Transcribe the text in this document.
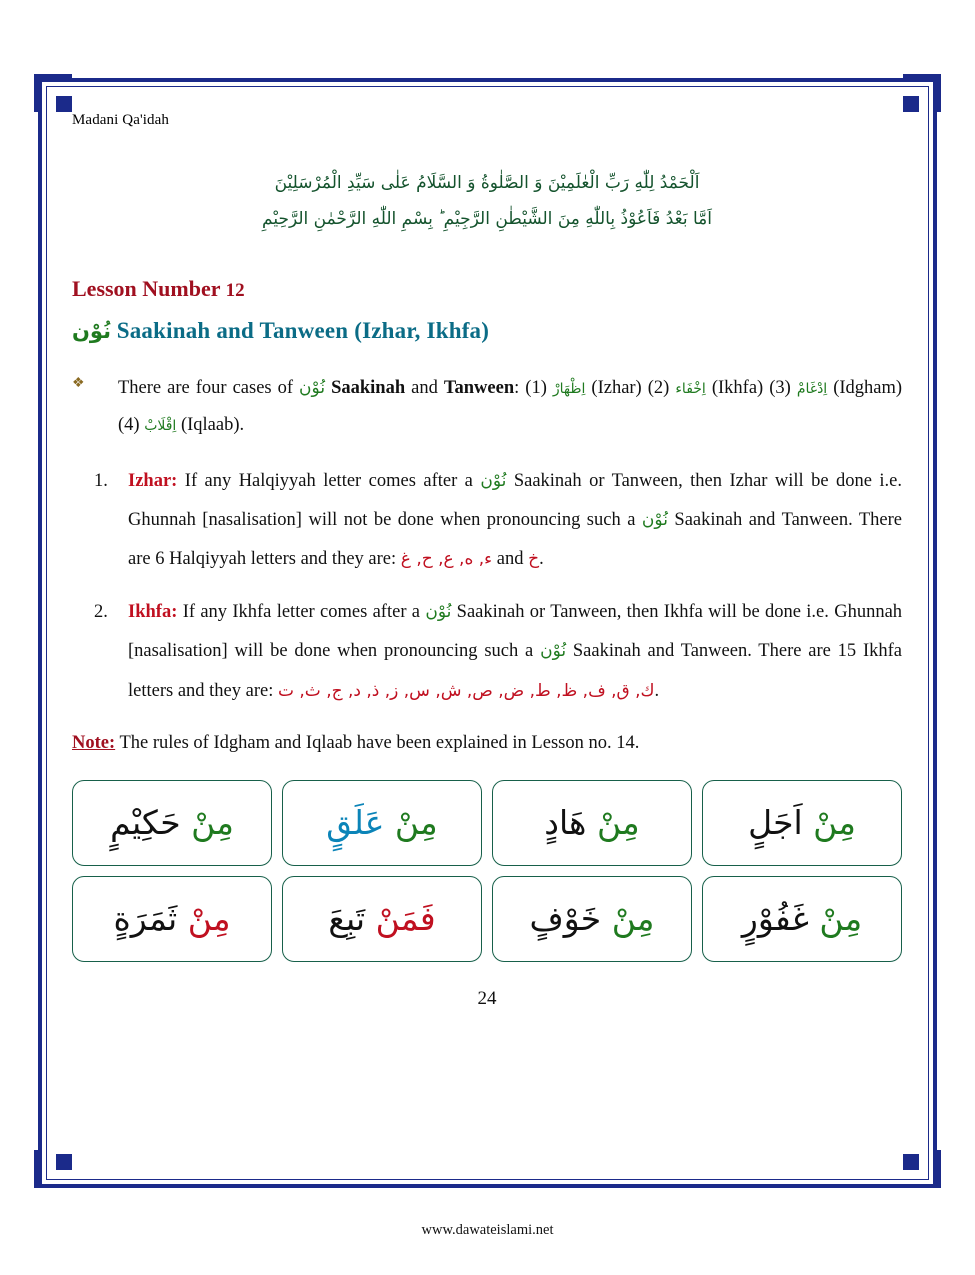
Madani Qa'idah
اَلْحَمْدُ لِلّٰهِ رَبِّ الْعٰلَمِيْنَ وَ الصَّلٰوةُ وَ السَّلَامُ عَلٰى سَيِّدِ الْمُرْسَلِيْنَ
اَمَّا بَعْدُ فَاَعُوْذُ بِاللّٰهِ مِنَ الشَّيْطٰنِ الرَّجِيْمِ ؕ بِسْمِ اللّٰهِ الرَّحْمٰنِ الرَّحِيْمِ
Lesson Number 12
نُوْن Saakinah and Tanween (Izhar, Ikhfa)
❖	There are four cases of نُوْن Saakinah and Tanween: (1) اِظْهَارْ (Izhar) (2) اِخْفَاء (Ikhfa) (3) اِدْغَامْ (Idgham) (4) اِقْلَابْ (Iqlaab).
Izhar: If any Halqiyyah letter comes after a نُوْن Saakinah or Tanween, then Izhar will be done i.e. Ghunnah [nasalisation] will not be done when pronouncing such a نُوْن Saakinah and Tanween. There are 6 Halqiyyah letters and they are: ء, ه, ع, ح, غ and خ.
Ikhfa: If any Ikhfa letter comes after a نُوْن Saakinah or Tanween, then Ikhfa will be done i.e. Ghunnah [nasalisation] will be done when pronouncing such a نُوْن Saakinah and Tanween. There are 15 Ikhfa letters and they are: ك, ق, ف, ظ, ط, ض, ص, ش, س, ز, ذ, د, ج, ث, ت.
Note: The rules of Idgham and Iqlaab have been explained in Lesson no. 14.
مِنْ اَجَلٍ
مِنْ هَادٍ
مِنْ عَلَقٍ
مِنْ حَكِيْمٍ
مِنْ غَفُوْرٍ
مِنْ خَوْفٍ
فَمَنْ تَبِعَ
مِنْ ثَمَرَةٍ
24
www.dawateislami.net
